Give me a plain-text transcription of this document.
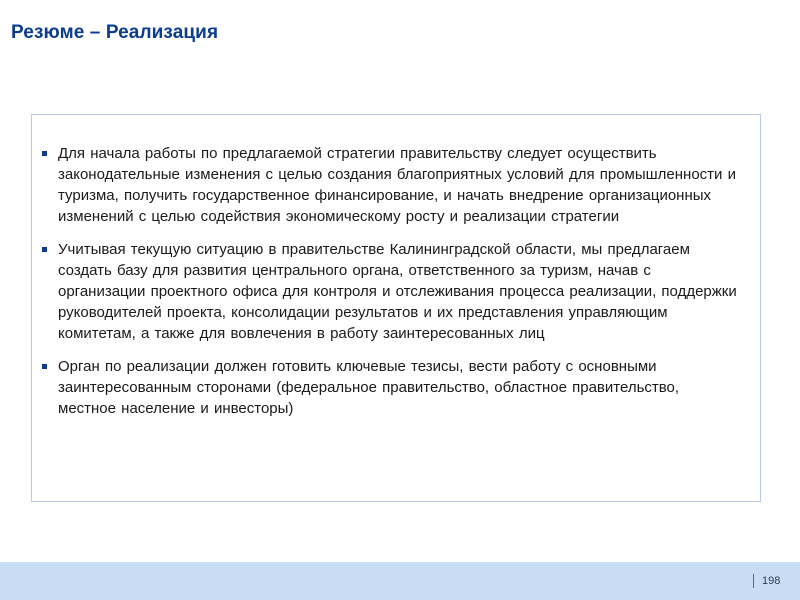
Резюме – Реализация
Для начала работы по предлагаемой стратегии правительству следует осуществить законодательные изменения с целью создания благоприятных условий для промышленности и туризма, получить государственное финансирование, и начать внедрение организационных изменений с целью содействия экономическому росту и реализации стратегии
Учитывая текущую ситуацию в правительстве Калининградской области, мы предлагаем создать базу для развития центрального органа, ответственного за туризм, начав с организации проектного офиса для контроля и отслеживания процесса реализации, поддержки руководителей проекта, консолидации результатов и их представления управляющим комитетам, а также для вовлечения в работу заинтересованных лиц
Орган по реализации должен готовить ключевые тезисы, вести работу с основными заинтересованным сторонами (федеральное правительство, областное правительство, местное население и инвесторы)
198
